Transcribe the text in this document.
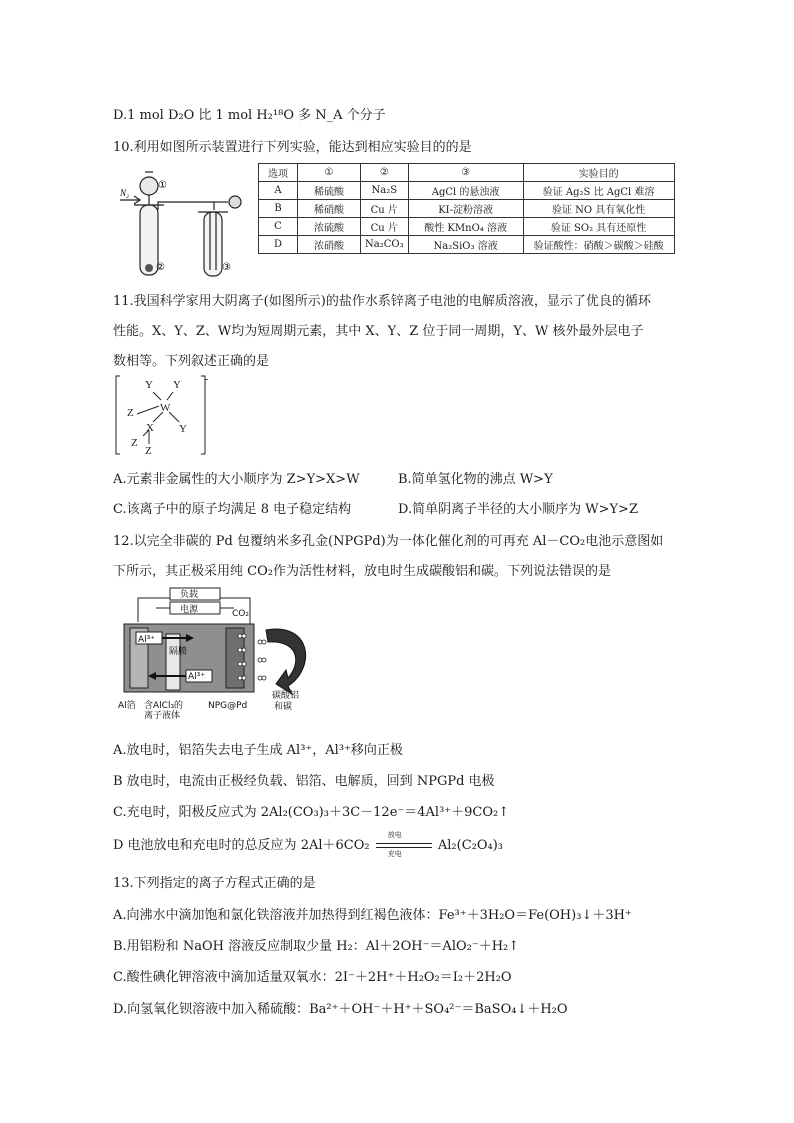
D.1 mol D₂O 比 1 mol H₂¹⁸O 多 N_A 个分子
10.利用如图所示装置进行下列实验，能达到相应实验目的的是
N₂
①
②	③
选项	①	②	③	实验目的
A	稀硫酸	Na₂S	AgCl 的悬浊液	验证 Ag₂S 比 AgCl 难溶
B	稀硝酸	Cu 片	KI-淀粉溶液	验证 NO 具有氧化性
C	浓硫酸	Cu 片	酸性 KMnO₄ 溶液	验证 SO₂ 具有还原性
D	浓硝酸	Na₂CO₃	Na₂SiO₃ 溶液	验证酸性：硝酸＞碳酸＞硅酸
11.我国科学家用大阴离子(如图所示)的盐作水系锌离子电池的电解质溶液，显示了优良的循环
性能。X、Y、Z、W均为短周期元素，其中 X、Y、Z 位于同一周期，Y、W 核外最外层电子
数相等。下列叙述正确的是
Y Y
W
Z
X Y
Z
Z
-
A.元素非金属性的大小顺序为 Z>Y>X>W	B.简单氢化物的沸点 W>Y
C.该离子中的原子均满足 8 电子稳定结构	D.简单阴离子半径的大小顺序为 W>Y>Z
12.以完全非碳的 Pd 包覆纳米多孔金(NPGPd)为一体化催化剂的可再充 Al－CO₂电池示意图如
下所示，其正极采用纯 CO₂作为活性材料，放电时生成碳酸铝和碳。下列说法错误的是
负载
电源	CO₂
Al³⁺
Al³⁺
隔膜
Al箔 含AlCl₃的
离子液体
NPG@Pd
碳酸铝
和碳
A.放电时，铝箔失去电子生成 Al³⁺，Al³⁺移向正极
B 放电时，电流由正极经负载、铝箔、电解质，回到 NPGPd 电极
C.充电时，阳极反应式为 2Al₂(CO₃)₃＋3C－12e⁻＝4Al³⁺＋9CO₂↑
D 电池放电和充电时的总反应为 2Al＋6CO₂
放电
充电
Al₂(C₂O₄)₃
13.下列指定的离子方程式正确的是
A.向沸水中滴加饱和氯化铁溶液并加热得到红褐色液体：Fe³⁺＋3H₂O＝Fe(OH)₃↓＋3H⁺
B.用铝粉和 NaOH 溶液反应制取少量 H₂：Al＋2OH⁻＝AlO₂⁻＋H₂↑
C.酸性碘化钾溶液中滴加适量双氧水：2I⁻＋2H⁺＋H₂O₂＝I₂＋2H₂O
D.向氢氧化钡溶液中加入稀硫酸：Ba²⁺＋OH⁻＋H⁺＋SO₄²⁻＝BaSO₄↓＋H₂O
